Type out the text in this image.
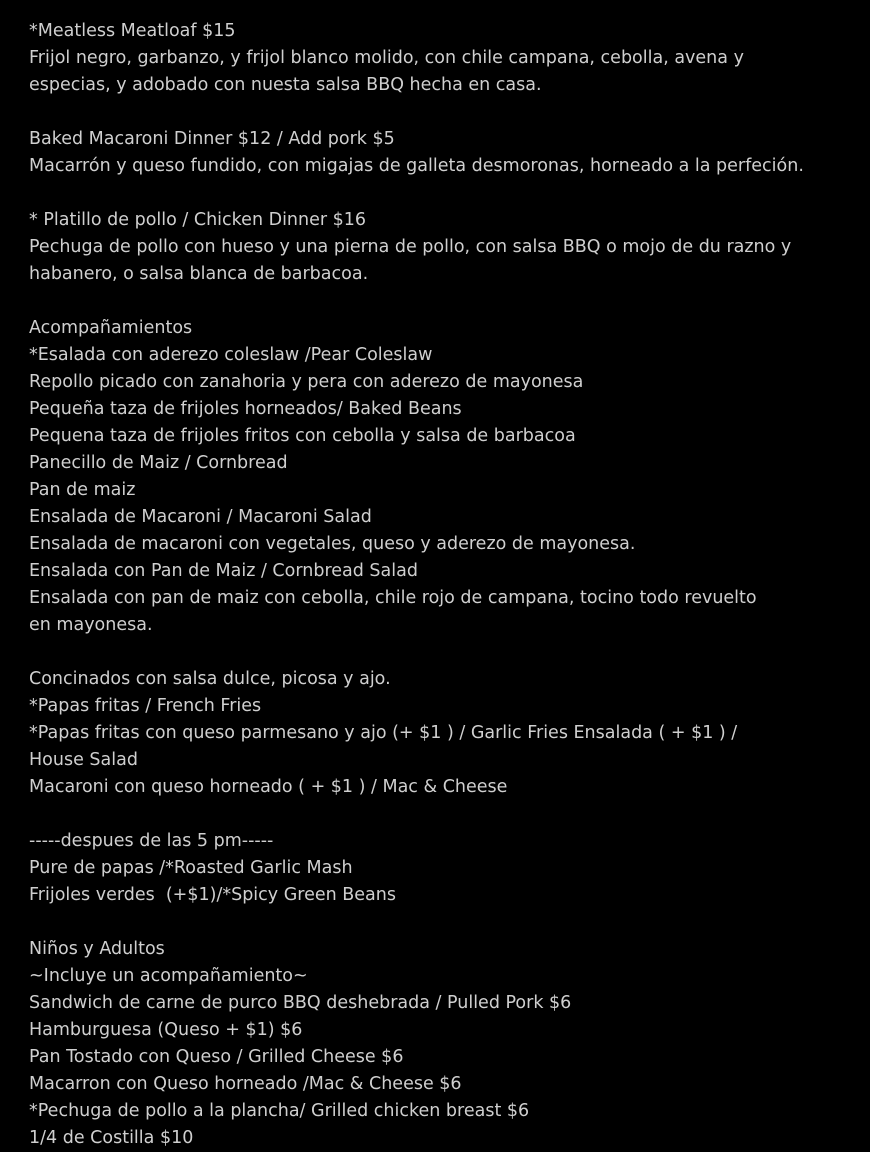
*Meatless Meatloaf $15
Frijol negro, garbanzo, y frijol blanco molido, con chile campana, cebolla, avena y
especias, y adobado con nuesta salsa BBQ hecha en casa.
Baked Macaroni Dinner $12 / Add pork $5
Macarrón y queso fundido, con migajas de galleta desmoronas, horneado a la perfeción.
* Platillo de pollo / Chicken Dinner $16
Pechuga de pollo con hueso y una pierna de pollo, con salsa BBQ o mojo de du razno y
habanero, o salsa blanca de barbacoa.
Acompañamientos
*Esalada con aderezo coleslaw /Pear Coleslaw
Repollo picado con zanahoria y pera con aderezo de mayonesa
Pequeña taza de frijoles horneados/ Baked Beans
Pequena taza de frijoles fritos con cebolla y salsa de barbacoa
Panecillo de Maiz / Cornbread
Pan de maiz
Ensalada de Macaroni / Macaroni Salad
Ensalada de macaroni con vegetales, queso y aderezo de mayonesa.
Ensalada con Pan de Maiz / Cornbread Salad
Ensalada con pan de maiz con cebolla, chile rojo de campana, tocino todo revuelto
en mayonesa.
Concinados con salsa dulce, picosa y ajo.
*Papas fritas / French Fries
*Papas fritas con queso parmesano y ajo (+ $1 ) / Garlic Fries Ensalada ( + $1 ) /
House Salad
Macaroni con queso horneado ( + $1 ) / Mac & Cheese
-----despues de las 5 pm-----
Pure de papas /*Roasted Garlic Mash
Frijoles verdes  (+$1)/*Spicy Green Beans
Niños y Adultos
~Incluye un acompañamiento~
Sandwich de carne de purco BBQ deshebrada / Pulled Pork $6
Hamburguesa (Queso + $1) $6
Pan Tostado con Queso / Grilled Cheese $6
Macarron con Queso horneado /Mac & Cheese $6
*Pechuga de pollo a la plancha/ Grilled chicken breast $6
1/4 de Costilla $10
